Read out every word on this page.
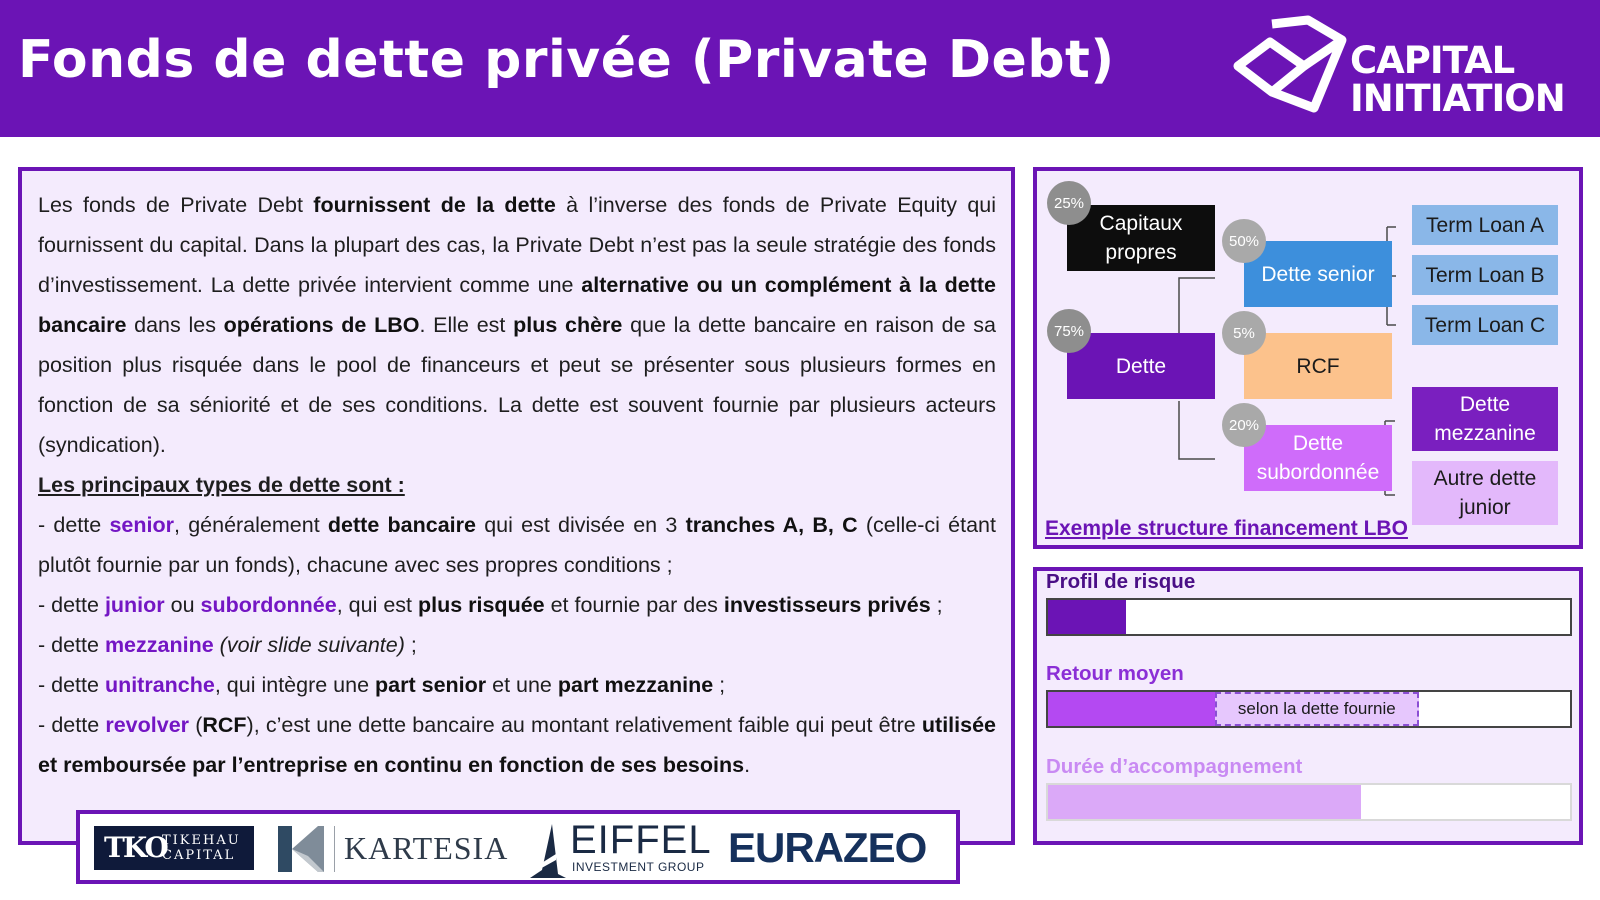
Fonds de dette privée (Private Debt)	CAPITAL
INITIATION

Les fonds de Private Debt fournissent de la dette à l’inverse des fonds de Private Equity qui fournissent du capital. Dans la plupart des cas, la Private Debt n’est pas la seule stratégie des fonds d’investissement. La dette privée intervient comme une alternative ou un complément à la dette bancaire dans les opérations de LBO. Elle est plus chère que la dette bancaire en raison de sa position plus risquée dans le pool de financeurs et peut se présenter sous plusieurs formes en fonction de sa séniorité et de ses conditions. La dette est souvent fournie par plusieurs acteurs (syndication).

Les principaux types de dette sont :

- dette senior, généralement dette bancaire qui est divisée en 3 tranches A, B, C (celle-ci étant plutôt fournie par un fonds), chacune avec ses propres conditions ;

- dette junior ou subordonnée, qui est plus risquée et fournie par des investisseurs privés ;

- dette mezzanine (voir slide suivante) ;

- dette unitranche, qui intègre une part senior et une part mezzanine ;

- dette revolver (RCF), c’est une dette bancaire au montant relativement faible qui peut être utilisée et remboursée par l’entreprise en continu en fonction de ses besoins.

TKO
TIKEHAU
CAPITAL	KARTESIA EIFFEL
INVESTMENT GROUP EURAZEO
Capitaux propres
25%
Dette
75%
Dette senior
50%
RCF
5%
Dette subordonnée
20%
Term Loan A
Term Loan B
Term Loan C
Dette mezzanine
Autre dette junior
Exemple structure financement LBO
Profil de risque
Retour moyen
selon la dette fournie
Durée d’accompagnement
